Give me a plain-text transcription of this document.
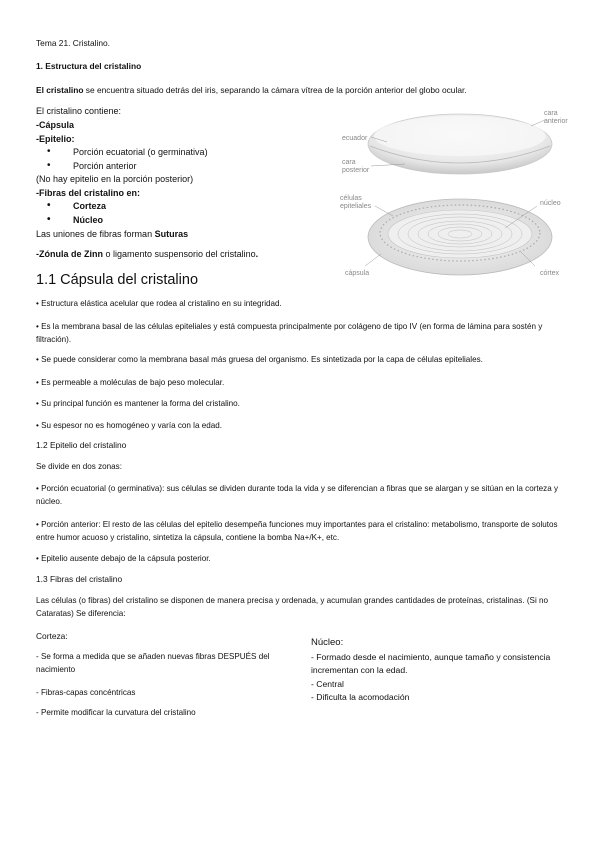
Tema 21. Cristalino.
1. Estructura del cristalino
El cristalino se encuentra situado detrás del iris, separando la cámara vítrea de la porción anterior del globo ocular.
El cristalino contiene:
-Cápsula
-Epitelio:
• Porción ecuatorial (o germinativa)
• Porción anterior
(No hay epitelio en la porción posterior)
-Fibras del cristalino en:
• Corteza
• Núcleo
Las uniones de fibras forman Suturas
-Zónula de Zinn o ligamento suspensorio del cristalino.
cara
anterior
ecuador
cara
posterior
células
epiteliales	núcleo
cápsula	córtex
1.1 Cápsula del cristalino
• Estructura elástica acelular que rodea al cristalino en su integridad.
• Es la membrana basal de las células epiteliales y está compuesta principalmente por colágeno de tipo IV (en forma de lámina para sostén y filtración).
• Se puede considerar como la membrana basal más gruesa del organismo. Es sintetizada por la capa de células epiteliales.
• Es permeable a moléculas de bajo peso molecular.
• Su principal función es mantener la forma del cristalino.
• Su espesor no es homogéneo y varía con la edad.
1.2 Epitelio del cristalino
Se divide en dos zonas:
• Porción ecuatorial (o germinativa): sus células se dividen durante toda la vida y se diferencian a fibras que se alargan y se sitúan en la corteza y núcleo.
• Porción anterior: El resto de las células del epitelio desempeña funciones muy importantes para el cristalino: metabolismo, transporte de solutos entre humor acuoso y cristalino, sintetiza la cápsula, contiene la bomba Na+/K+, etc.
• Epitelio ausente debajo de la cápsula posterior.
1.3 Fibras del cristalino
Las células (o fibras) del cristalino se disponen de manera precisa y ordenada, y acumulan grandes cantidades de proteínas, cristalinas. (Si no Cataratas) Se diferencia:
Corteza:
- Se forma a medida que se añaden nuevas fibras DESPUÉS del nacimiento
- Fibras-capas concéntricas
- Permite modificar la curvatura del cristalino
Núcleo:
- Formado desde el nacimiento, aunque tamaño y consistencia incrementan con la edad.
- Central
- Dificulta la acomodación
